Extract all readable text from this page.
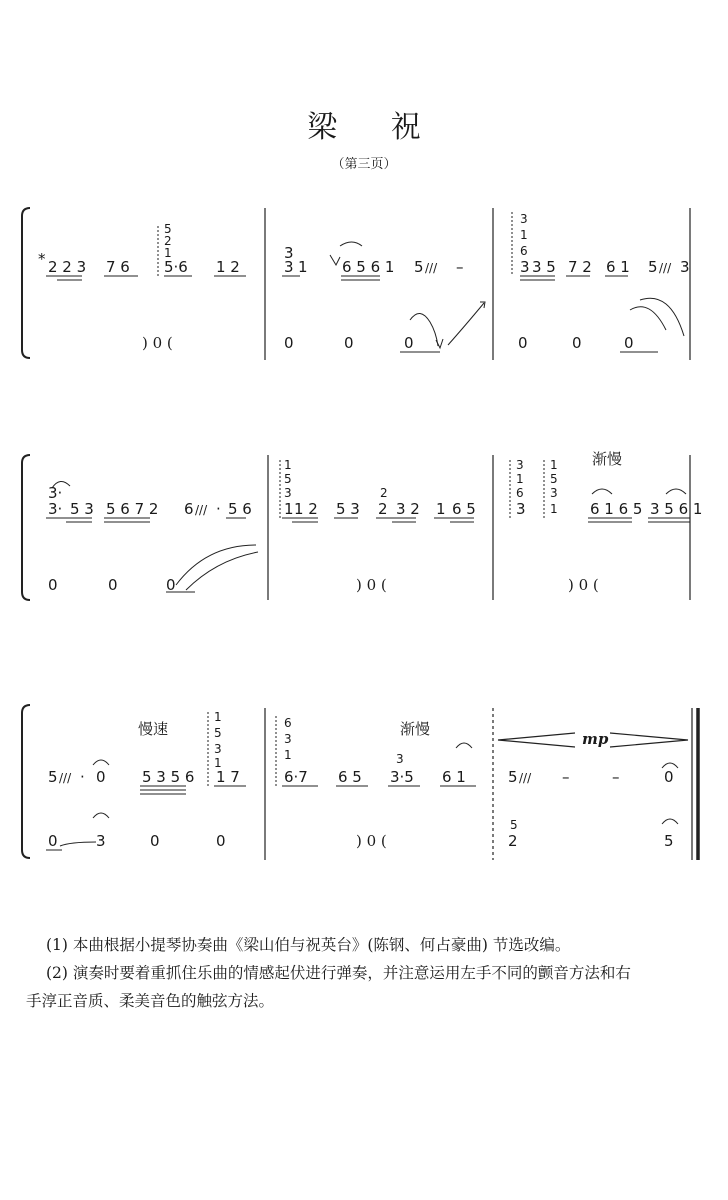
梁 祝
（第三页）
* 2 2 3 7 6
5
2
1
5·6 1 2
) 0 (
3
3 1 6 5 6 1 5 /// –
0	0	0
3
1
6
3 3 5 7 2 6 1 5 /// 3
0	0	0
3·
3· 5 3 5 6 7 2 6 /// · 5 6
0	0	0
1
5
3
1 1 2 5 3
2
2 3 2 1 6 5
) 0 (
3
1
6
3
1
5
3
1
渐慢
6 1 6 5 3 5 6 1
) 0 (
慢速
5 /// · 0 5 3 5 6
1
5
3
1
1 7
0	3	0	0
6
3
1
6·7
渐慢
6 5
3
3·5 6 1
) 0 (
mp
5 /// –	–	0
5
2	5
(1) 本曲根据小提琴协奏曲《梁山伯与祝英台》(陈钢、何占豪曲) 节选改编。
(2) 演奏时要着重抓住乐曲的情感起伏进行弹奏，并注意运用左手不同的颤音方法和右
手淳正音质、柔美音色的触弦方法。
